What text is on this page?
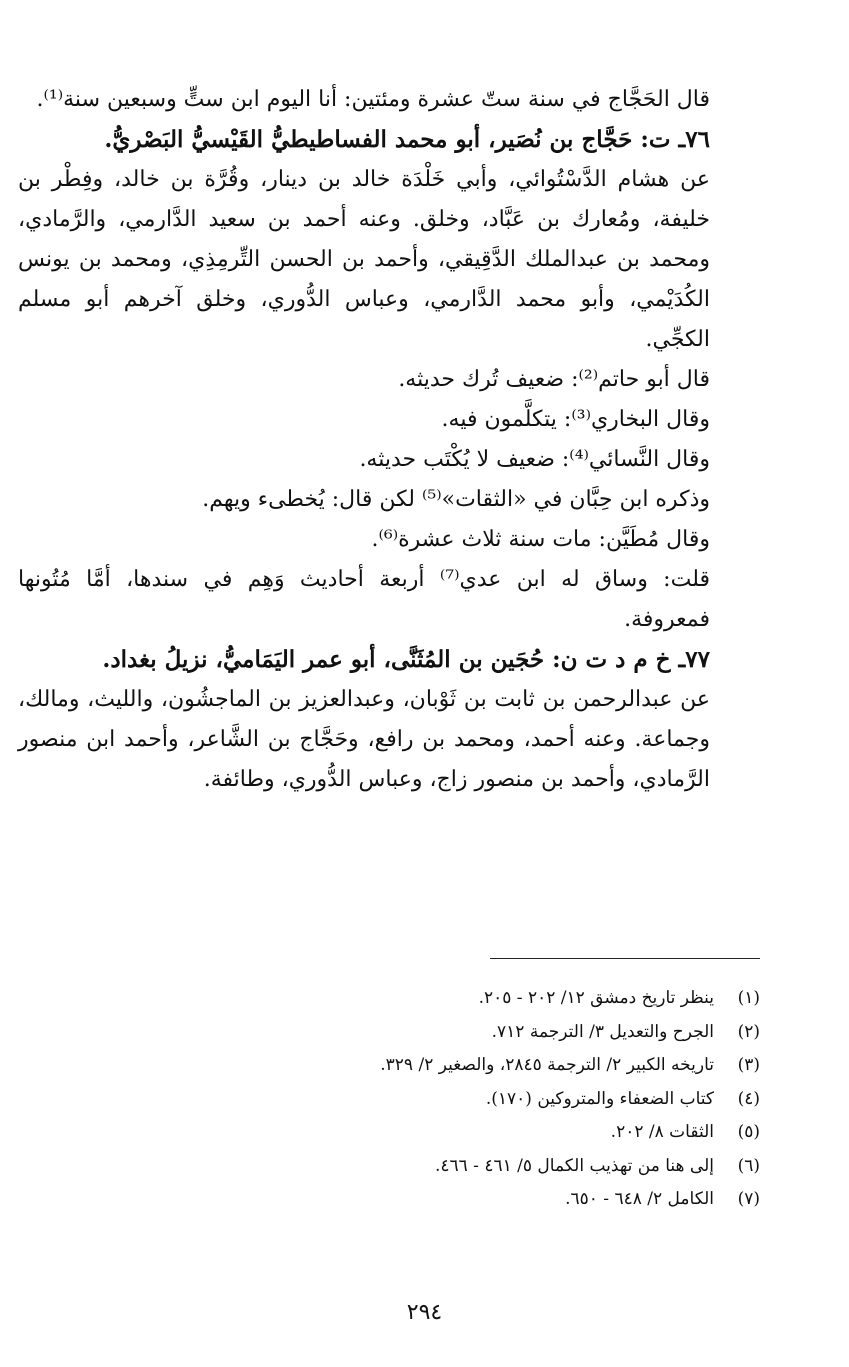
قال الحَجَّاج في سنة ستّ عشرة ومئتين: أنا اليوم ابن ستٍّ وسبعين سنة⁽¹⁾.

٧٦ـ ت: حَجَّاج بن نُصَير، أبو محمد الفساطيطيُّ القَيْسيُّ البَصْريُّ.

عن هشام الدَّسْتُوائي، وأبي خَلْدَة خالد بن دينار، وقُرَّة بن خالد، وفِطْر بن خليفة، ومُعارك بن عَبَّاد، وخلق. وعنه أحمد بن سعيد الدَّارمي، والرَّمادي، ومحمد بن عبدالملك الدَّقِيقي، وأحمد بن الحسن التِّرمِذِي، ومحمد بن يونس الكُدَيْمي، وأبو محمد الدَّارمي، وعباس الدُّوري، وخلق آخرهم أبو مسلم الكجِّي.

قال أبو حاتم⁽²⁾: ضعيف تُرك حديثه.

وقال البخاري⁽³⁾: يتكلَّمون فيه.

وقال النَّسائي⁽⁴⁾: ضعيف لا يُكْتَب حديثه.

وذكره ابن حِبَّان في «الثقات»⁽⁵⁾ لكن قال: يُخطىء ويهم.

وقال مُطَيَّن: مات سنة ثلاث عشرة⁽⁶⁾.

قلت: وساق له ابن عدي⁽⁷⁾ أربعة أحاديث وَهِم في سندها، أمَّا مُتُونها فمعروفة.

٧٧ـ خ م د ت ن: حُجَين بن المُثَنَّى، أبو عمر اليَمَاميُّ، نزيلُ بغداد.

عن عبدالرحمن بن ثابت بن ثَوْبان، وعبدالعزيز بن الماجشُون، والليث، ومالك، وجماعة. وعنه أحمد، ومحمد بن رافع، وحَجَّاج بن الشَّاعر، وأحمد ابن منصور الرَّمادي، وأحمد بن منصور زاج، وعباس الدُّوري، وطائفة.

(١)
ينظر تاريخ دمشق ١٢/ ٢٠٢ - ٢٠٥.
(٢)
الجرح والتعديل ٣/ الترجمة ٧١٢.
(٣)
تاريخه الكبير ٢/ الترجمة ٢٨٤٥، والصغير ٢/ ٣٢٩.
(٤)
كتاب الضعفاء والمتروكين (١٧٠).
(٥)
الثقات ٨/ ٢٠٢.
(٦)
إلى هنا من تهذيب الكمال ٥/ ٤٦١ - ٤٦٦.
(٧)
الكامل ٢/ ٦٤٨ - ٦٥٠.
٢٩٤
